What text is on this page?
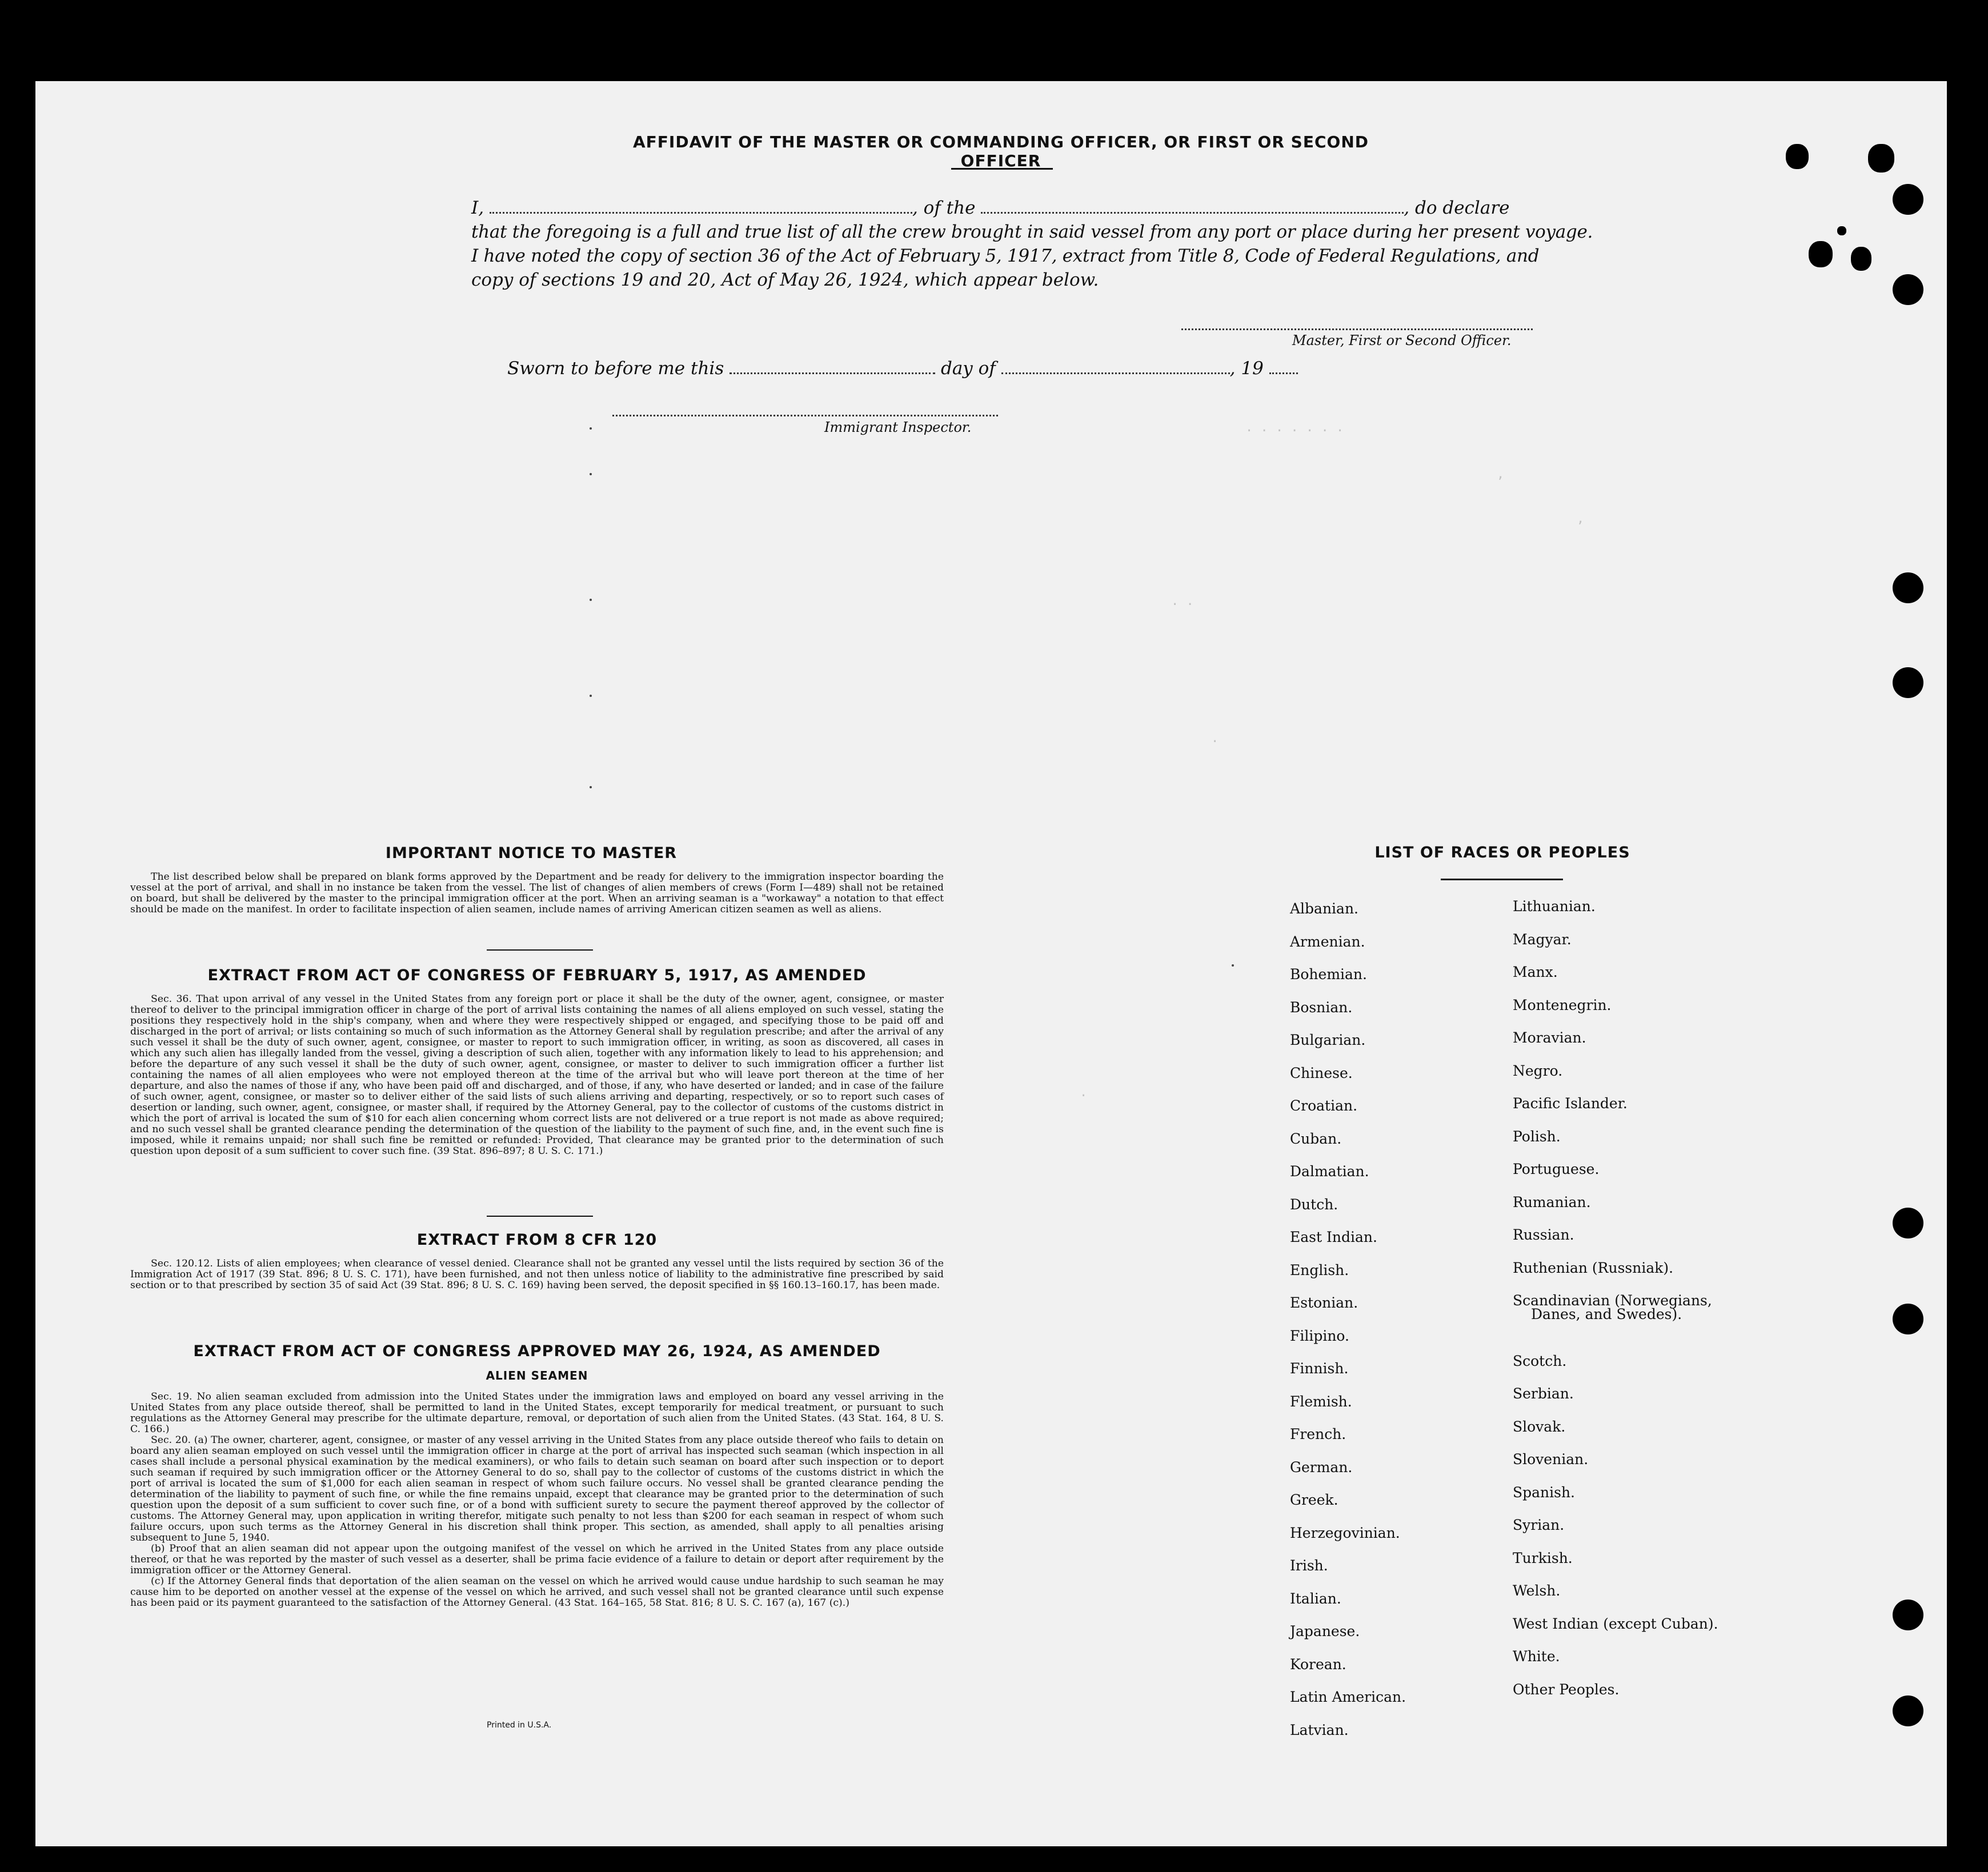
AFFIDAVIT OF THE MASTER OR COMMANDING OFFICER, OR FIRST OR SECOND OFFICER
I,	, of the	, do declare
that the foregoing is a full and true list of all the crew brought in said vessel from any port or place during her present voyage.
I have noted the copy of section 36 of the Act of February 5, 1917, extract from Title 8, Code of Federal Regulations, and
copy of sections 19 and 20, Act of May 26, 1924, which appear below.
Master, First or Second Officer.
Sworn to before me this	day of	, 19
Immigrant Inspector.
IMPORTANT NOTICE TO MASTER
The list described below shall be prepared on blank forms approved by the Department and be ready for delivery to the immigration inspector boarding the vessel at the port of arrival, and shall in no instance be taken from the vessel. The list of changes of alien members of crews (Form I—489) shall not be retained on board, but shall be delivered by the master to the principal immigration officer at the port. When an arriving seaman is a "workaway" a notation to that effect should be made on the manifest. In order to facilitate inspection of alien seamen, include names of arriving American citizen seamen as well as aliens.
EXTRACT FROM ACT OF CONGRESS OF FEBRUARY 5, 1917, AS AMENDED
Sec. 36. That upon arrival of any vessel in the United States from any foreign port or place it shall be the duty of the owner, agent, consignee, or master thereof to deliver to the principal immigration officer in charge of the port of arrival lists containing the names of all aliens employed on such vessel, stating the positions they respectively hold in the ship's company, when and where they were respectively shipped or engaged, and specifying those to be paid off and discharged in the port of arrival; or lists containing so much of such information as the Attorney General shall by regulation prescribe; and after the arrival of any such vessel it shall be the duty of such owner, agent, consignee, or master to report to such immigration officer, in writing, as soon as discovered, all cases in which any such alien has illegally landed from the vessel, giving a description of such alien, together with any information likely to lead to his apprehension; and before the departure of any such vessel it shall be the duty of such owner, agent, consignee, or master to deliver to such immigration officer a further list containing the names of all alien employees who were not employed thereon at the time of the arrival but who will leave port thereon at the time of her departure, and also the names of those if any, who have been paid off and discharged, and of those, if any, who have deserted or landed; and in case of the failure of such owner, agent, consignee, or master so to deliver either of the said lists of such aliens arriving and departing, respectively, or so to report such cases of desertion or landing, such owner, agent, consignee, or master shall, if required by the Attorney General, pay to the collector of customs of the customs district in which the port of arrival is located the sum of $10 for each alien concerning whom correct lists are not delivered or a true report is not made as above required; and no such vessel shall be granted clearance pending the determination of the question of the liability to the payment of such fine, and, in the event such fine is imposed, while it remains unpaid; nor shall such fine be remitted or refunded: Provided, That clearance may be granted prior to the determination of such question upon deposit of a sum sufficient to cover such fine. (39 Stat. 896–897; 8 U. S. C. 171.)
EXTRACT FROM 8 CFR 120
Sec. 120.12. Lists of alien employees; when clearance of vessel denied. Clearance shall not be granted any vessel until the lists required by section 36 of the Immigration Act of 1917 (39 Stat. 896; 8 U. S. C. 171), have been furnished, and not then unless notice of liability to the administrative fine prescribed by said section or to that prescribed by section 35 of said Act (39 Stat. 896; 8 U. S. C. 169) having been served, the deposit specified in §§ 160.13–160.17, has been made.
EXTRACT FROM ACT OF CONGRESS APPROVED MAY 26, 1924, AS AMENDED
ALIEN SEAMEN

Sec. 19. No alien seaman excluded from admission into the United States under the immigration laws and employed on board any vessel arriving in the United States from any place outside thereof, shall be permitted to land in the United States, except temporarily for medical treatment, or pursuant to such regulations as the Attorney General may prescribe for the ultimate departure, removal, or deportation of such alien from the United States. (43 Stat. 164, 8 U. S. C. 166.)

Sec. 20. (a) The owner, charterer, agent, consignee, or master of any vessel arriving in the United States from any place outside thereof who fails to detain on board any alien seaman employed on such vessel until the immigration officer in charge at the port of arrival has inspected such seaman (which inspection in all cases shall include a personal physical examination by the medical examiners), or who fails to detain such seaman on board after such inspection or to deport such seaman if required by such immigration officer or the Attorney General to do so, shall pay to the collector of customs of the customs district in which the port of arrival is located the sum of $1,000 for each alien seaman in respect of whom such failure occurs. No vessel shall be granted clearance pending the determination of the liability to payment of such fine, or while the fine remains unpaid, except that clearance may be granted prior to the determination of such question upon the deposit of a sum sufficient to cover such fine, or of a bond with sufficient surety to secure the payment thereof approved by the collector of customs. The Attorney General may, upon application in writing therefor, mitigate such penalty to not less than $200 for each seaman in respect of whom such failure occurs, upon such terms as the Attorney General in his discretion shall think proper. This section, as amended, shall apply to all penalties arising subsequent to June 5, 1940.

(b) Proof that an alien seaman did not appear upon the outgoing manifest of the vessel on which he arrived in the United States from any place outside thereof, or that he was reported by the master of such vessel as a deserter, shall be prima facie evidence of a failure to detain or deport after requirement by the immigration officer or the Attorney General.

(c) If the Attorney General finds that deportation of the alien seaman on the vessel on which he arrived would cause undue hardship to such seaman he may cause him to be deported on another vessel at the expense of the vessel on which he arrived, and such vessel shall not be granted clearance until such expense has been paid or its payment guaranteed to the satisfaction of the Attorney General. (43 Stat. 164–165, 58 Stat. 816; 8 U. S. C. 167 (a), 167 (c).)

Printed in U.S.A.
LIST OF RACES OR PEOPLES
. . . . . . .
,
,
. .
.
.
Albanian.
Armenian.
Bohemian.
Bosnian.
Bulgarian.
Chinese.
Croatian.
Cuban.
Dalmatian.
Dutch.
East Indian.
English.
Estonian.
Filipino.
Finnish.
Flemish.
French.
German.
Greek.
Herzegovinian.
Irish.
Italian.
Japanese.
Korean.
Latin American.
Latvian.
Lithuanian.
Magyar.
Manx.
Montenegrin.
Moravian.
Negro.
Pacific Islander.
Polish.
Portuguese.
Rumanian.
Russian.
Ruthenian (Russniak).
Scandinavian (Norwegians,
Danes, and Swedes).
Scotch.
Serbian.
Slovak.
Slovenian.
Spanish.
Syrian.
Turkish.
Welsh.
West Indian (except Cuban).
White.
Other Peoples.
